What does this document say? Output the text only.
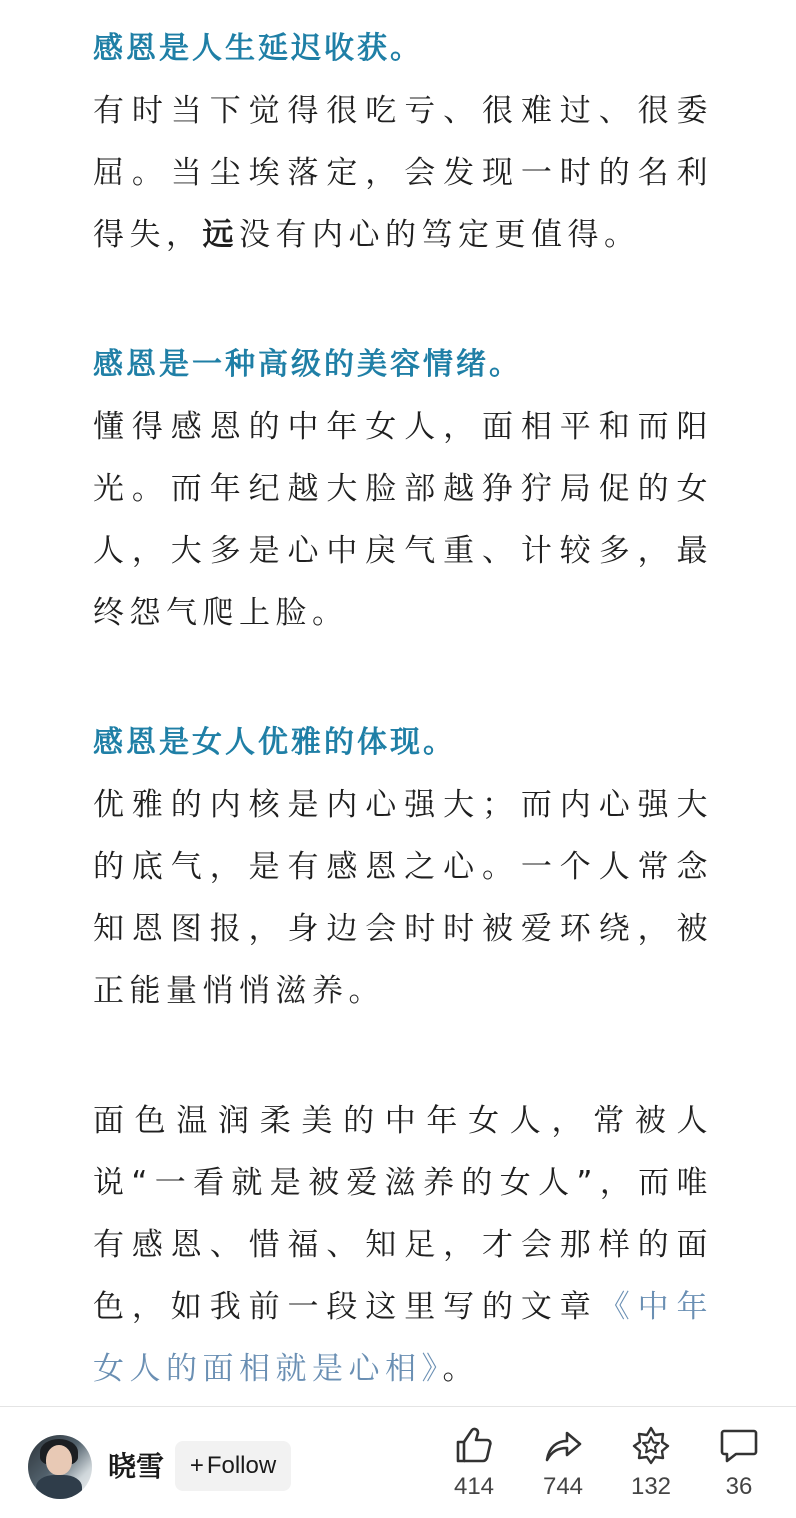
感恩是人生延迟收获。
有时当下觉得很吃亏、很难过、很委屈。当尘埃落定，会发现一时的名利得失，远没有内心的笃定更值得。
感恩是一种高级的美容情绪。
懂得感恩的中年女人，面相平和而阳光。而年纪越大脸部越狰狞局促的女人，大多是心中戾气重、计较多，最终怨气爬上脸。
感恩是女人优雅的体现。
优雅的内核是内心强大；而内心强大的底气，是有感恩之心。一个人常念知恩图报，身边会时时被爱环绕，被正能量悄悄滋养。
面色温润柔美的中年女人，常被人说“一看就是被爱滋养的女人”，而唯有感恩、惜福、知足，才会那样的面色，如我前一段这里写的文章《中年女人的面相就是心相》。
晓雪 + Follow
414	744	132	36
